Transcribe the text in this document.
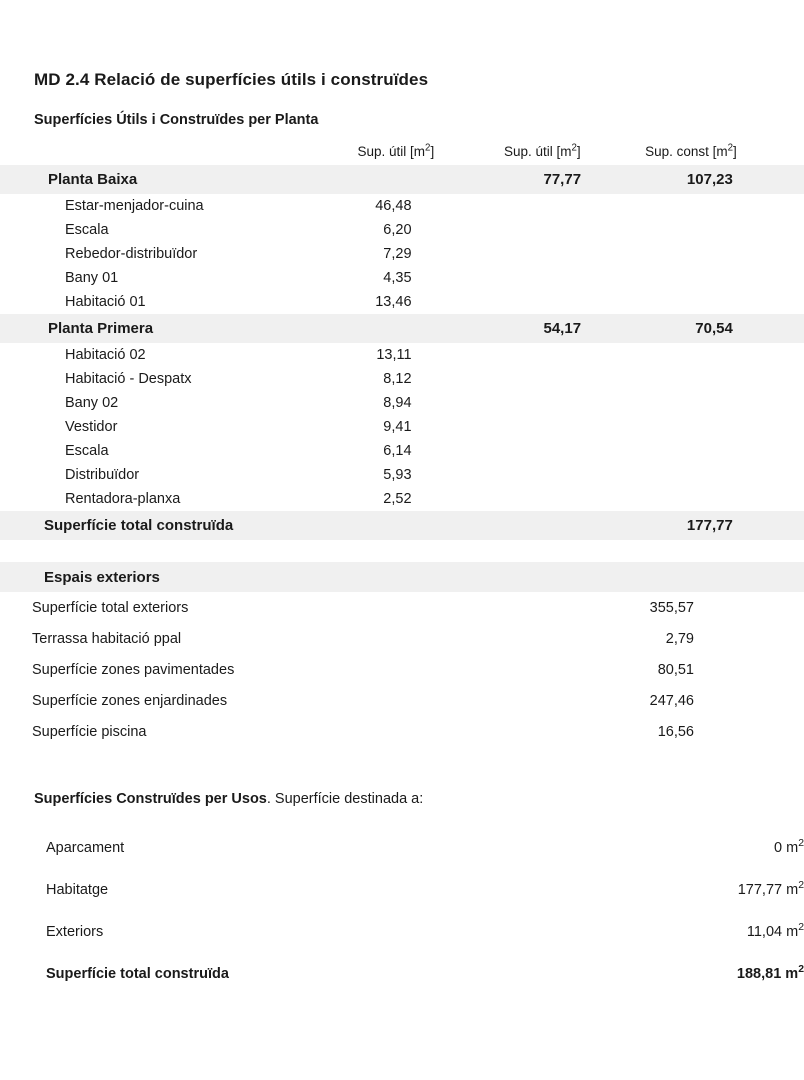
MD 2.4 Relació de superfícies útils i construïdes
Superfícies Útils i Construïdes per Planta
	Sup. útil $[m^2]$	Sup. útil $[m^2]$	Sup. const $[m^2]$	
Planta Baixa		77,77	107,23	
Estar-menjador-cuina	46,48			
Escala	6,20			
Rebedor-distribuïdor	7,29			
Bany 01	4,35			
Habitació 01	13,46			
Planta Primera		54,17	70,54	
Habitació 02	13,11			
Habitació - Despatx	8,12			
Bany 02	8,94			
Vestidor	9,41			
Escala	6,14			
Distribuïdor	5,93			
Rentadora-planxa	2,52			
Superfície total construïda			177,77	
Espais exteriors	
Superfície total exteriors	355,57
Terrassa habitació ppal	2,79
Superfície zones pavimentades	80,51
Superfície zones enjardinades	247,46
Superfície piscina	16,56
Superfícies Construïdes per Usos. Superfície destinada a:
Aparcament	0 $m^2$
Habitatge	177,77 $m^2$
Exteriors	11,04 $m^2$
Superfície total construïda	188,81 $m^2$
